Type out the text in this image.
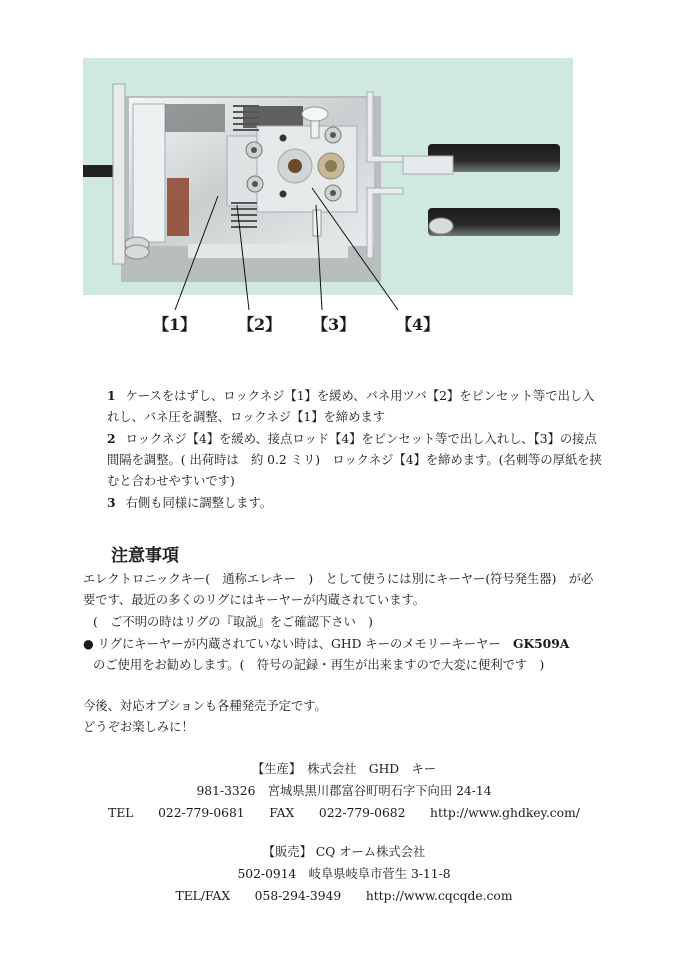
【1】	【2】 【3】	【4】

1 ケースをはずし、ロックネジ【1】を緩め、バネ用ツバ【2】をピンセット等で出し入

れし、バネ圧を調整、ロックネジ【1】を締めます

2 ロックネジ【4】を緩め、接点ロッド【4】をピンセット等で出し入れし、【3】の接点

間隔を調整。( 出荷時は　約 0.2 ミリ)　ロックネジ【4】を締めます。(名刺等の厚紙を挟

むと合わせやすいです)

3 右側も同様に調整します。

注意事項

エレクトロニックキー(　通称エレキー　)　として使うには別にキーヤー(符号発生器)　が必

要です、最近の多くのリグにはキーヤーが内蔵されています。

(　ご不明の時はリグの『取説』をご確認下さい　)

● リグにキーヤーが内蔵されていない時は、GHD キーのメモリーキーヤー　GK509A

のご使用をお勧めします。(　符号の記録・再生が出来ますので大変に便利です　)

今後、対応オプションも各種発売予定です。

どうぞお楽しみに！

【生産】　株式会社　GHD　キー

981-3326　宮城県黒川郡富谷町明石字下向田 24-14

TEL　　022-779-0681　　FAX　　022-779-0682　　http://www.ghdkey.com/

【販売】 CQ オーム株式会社

502-0914　岐阜県岐阜市菅生 3-11-8

TEL/FAX　　058-294-3949　　http://www.cqcqde.com
